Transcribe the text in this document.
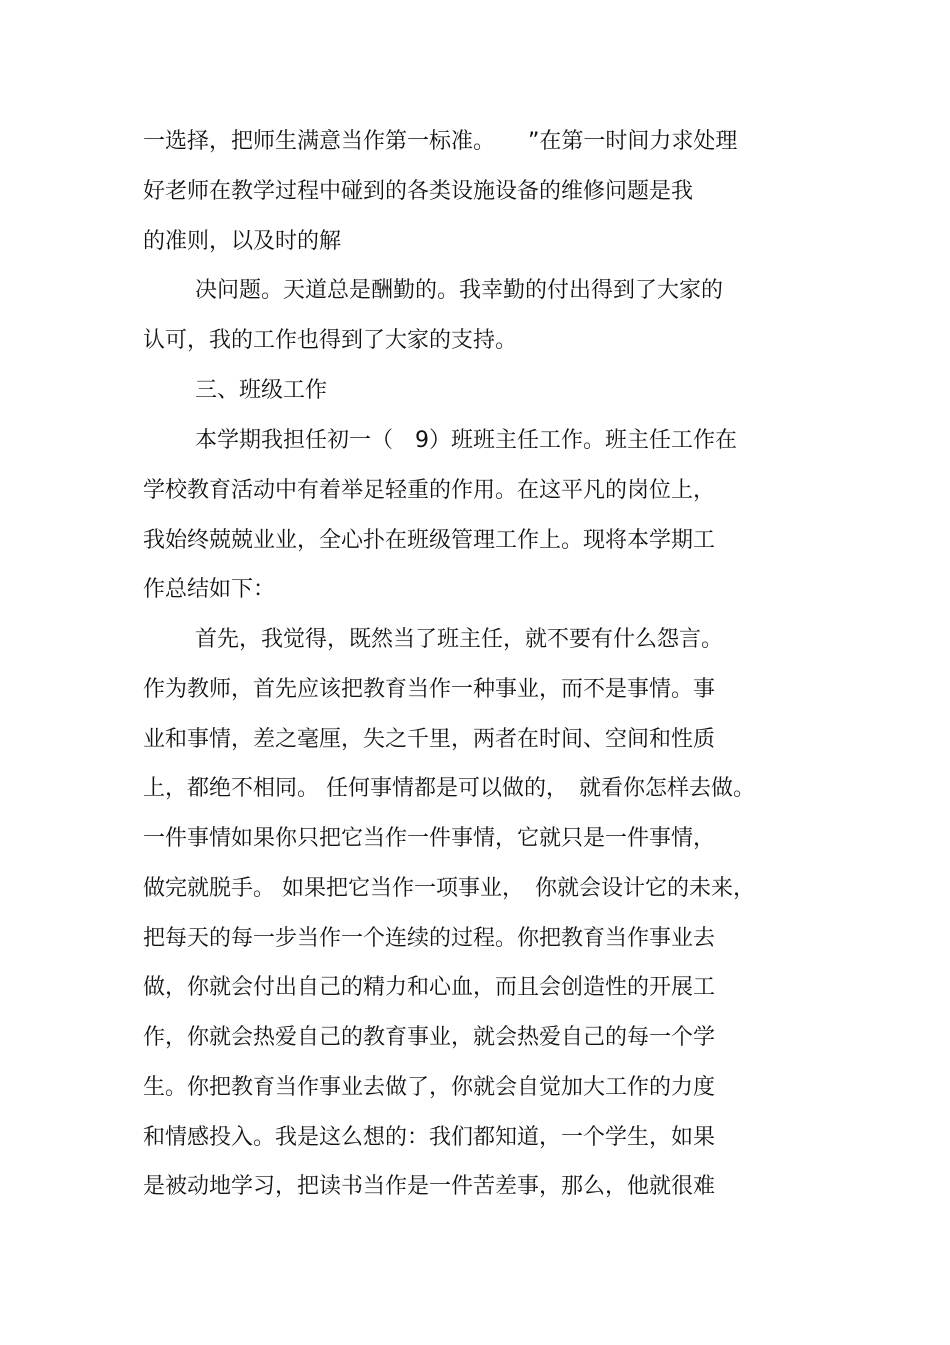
一选择，把师生满意当作第一标准。　　”在第一时间力求处理
好老师在教学过程中碰到的各类设施设备的维修问题是我
的准则，以及时的解
决问题。天道总是酬勤的。我幸勤的付出得到了大家的
认可，我的工作也得到了大家的支持。
三、班级工作
本学期我担任初一（　9）班班主任工作。班主任工作在
学校教育活动中有着举足轻重的作用。在这平凡的岗位上，
我始终兢兢业业，全心扑在班级管理工作上。现将本学期工
作总结如下：
首先，我觉得，既然当了班主任，就不要有什么怨言。
作为教师，首先应该把教育当作一种事业，而不是事情。事
业和事情，差之毫厘，失之千里，两者在时间、空间和性质
上，都绝不相同。 任何事情都是可以做的，　就看你怎样去做。
一件事情如果你只把它当作一件事情，它就只是一件事情，
做完就脱手。 如果把它当作一项事业，　你就会设计它的未来，
把每天的每一步当作一个连续的过程。你把教育当作事业去
做，你就会付出自己的精力和心血，而且会创造性的开展工
作，你就会热爱自己的教育事业，就会热爱自己的每一个学
生。你把教育当作事业去做了，你就会自觉加大工作的力度
和情感投入。我是这么想的：我们都知道，一个学生，如果
是被动地学习，把读书当作是一件苦差事，那么，他就很难
